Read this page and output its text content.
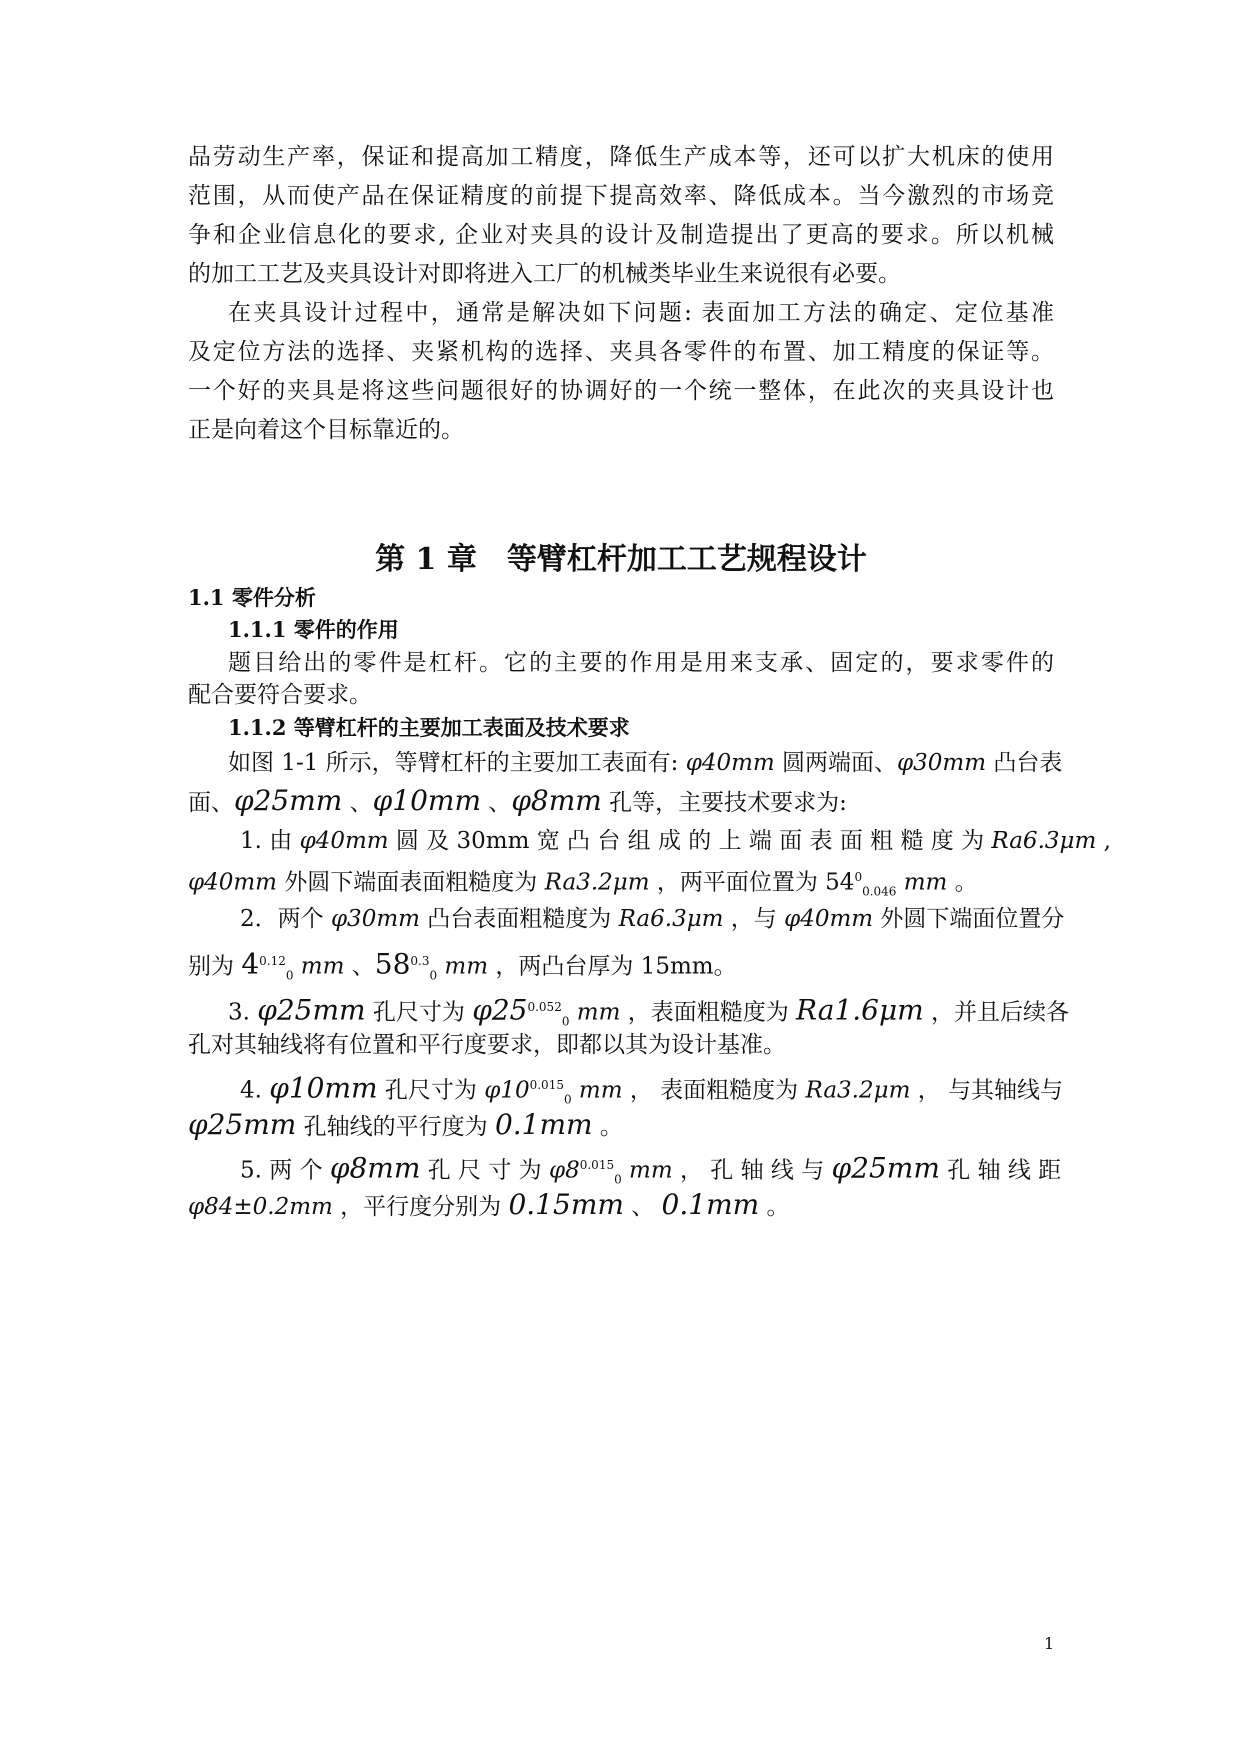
品劳动生产率，保证和提高加工精度，降低生产成本等，还可以扩大机床的使用
范围，从而使产品在保证精度的前提下提高效率、降低成本。当今激烈的市场竞
争和企业信息化的要求, 企业对夹具的设计及制造提出了更高的要求。所以机械
的加工工艺及夹具设计对即将进入工厂的机械类毕业生来说很有必要。
在夹具设计过程中，通常是解决如下问题: 表面加工方法的确定、定位基准
及定位方法的选择、夹紧机构的选择、夹具各零件的布置、加工精度的保证等。
一个好的夹具是将这些问题很好的协调好的一个统一整体，在此次的夹具设计也
正是向着这个目标靠近的。
第 1 章　等臂杠杆加工工艺规程设计
1.1 零件分析
1.1.1 零件的作用
题目给出的零件是杠杆。它的主要的作用是用来支承、固定的，要求零件的
配合要符合要求。
1.1.2 等臂杠杆的主要加工表面及技术要求
如图 1-1 所示，等臂杠杆的主要加工表面有: φ40mm 圆两端面、φ30mm 凸台表
面、φ25mm 、φ10mm 、φ8mm 孔等，主要技术要求为:
1. 由 φ40mm 圆 及 30mm 宽 凸 台 组 成 的 上 端 面 表 面 粗 糙 度 为 Ra6.3μm ,
φ40mm 外圆下端面表面粗糙度为 Ra3.2μm ，两平面位置为 $54^0_{0.046}$ mm 。
2．两个 φ30mm 凸台表面粗糙度为 Ra6.3μm ，与 φ40mm 外圆下端面位置分
别为 $4^{0.12}_0$ mm 、$58^{0.3}_0$ mm ，两凸台厚为 15mm。
3. φ25mm 孔尺寸为 $\varphi 25^{0.052}_0$ mm ，表面粗糙度为 Ra1.6μm ，并且后续各
孔对其轴线将有位置和平行度要求，即都以其为设计基准。
4. φ10mm 孔尺寸为 $\varphi 10^{0.015}_0$ mm ， 表面粗糙度为 Ra3.2μm ， 与其轴线与
φ25mm 孔轴线的平行度为 0.1mm 。
5. 两 个 φ8mm 孔 尺 寸 为 $\varphi 8^{0.015}_0$ mm ， 孔 轴 线 与 φ25mm 孔 轴 线 距
φ84±0.2mm ，平行度分别为 0.15mm 、 0.1mm 。
1
